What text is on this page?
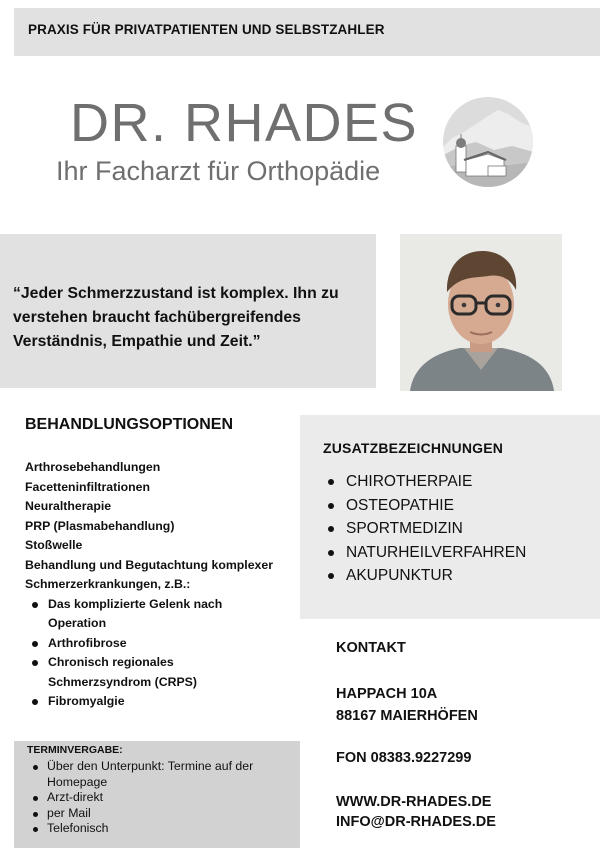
PRAXIS FÜR PRIVATPATIENTEN UND SELBSTZAHLER
DR. RHADES
Ihr Facharzt für Orthopädie
“Jeder Schmerzzustand ist komplex. Ihn zu verstehen braucht fachübergreifendes Verständnis, Empathie und Zeit.”
BEHANDLUNGSOPTIONEN
Arthrosebehandlungen
Facetteninfiltrationen
Neuraltherapie
PRP (Plasmabehandlung)
Stoßwelle
Behandlung und Begutachtung komplexer Schmerzerkrankungen, z.B.:
Das komplizierte Gelenk nach Operation
Arthrofibrose
Chronisch regionales Schmerzsyndrom (CRPS)
Fibromyalgie
ZUSATZBEZEICHNUNGEN
CHIROTHERPAIE
OSTEOPATHIE
SPORTMEDIZIN
NATURHEILVERFAHREN
AKUPUNKTUR
TERMINVERGABE:
Über den Unterpunkt: Termine auf der Homepage
Arzt-direkt
per Mail
Telefonisch
KONTAKT
HAPPACH 10A
88167 MAIERHÖFEN
FON 08383.9227299
WWW.DR-RHADES.DE
INFO@DR-RHADES.DE
